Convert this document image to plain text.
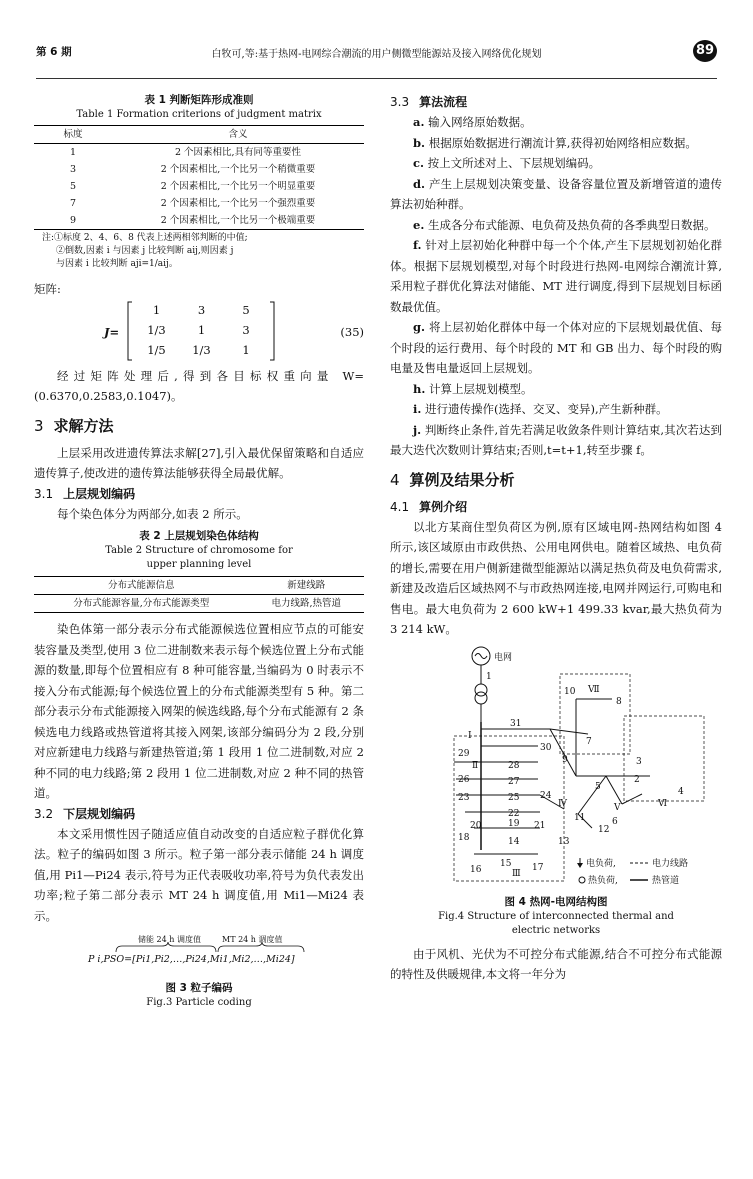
第 6 期	白牧可,等:基于热网-电网综合潮流的用户侧微型能源站及接入网络优化规划	89
表 1 判断矩阵形成准则
Table 1 Formation criterions of judgment matrix
标度	含义
1	2 个因素相比,具有同等重要性
3	2 个因素相比,一个比另一个稍微重要
5	2 个因素相比,一个比另一个明显重要
7	2 个因素相比,一个比另一个强烈重要
9	2 个因素相比,一个比另一个极端重要
注:①标度 2、4、6、8 代表上述两相邻判断的中值;
②倒数,因素 i 与因素 j 比较判断 aij,则因素 j
与因素 i 比较判断 aji=1/aij。

矩阵:

J=
1	3	5
1/3	1	3
1/5	1/3	1
(35)

经过矩阵处理后,得到各目标权重向量 W=(0.6370,0.2583,0.1047)。

3 求解方法

上层采用改进遗传算法求解[27],引入最优保留策略和自适应遗传算子,使改进的遗传算法能够获得全局最优解。

3.1 上层规划编码

每个染色体分为两部分,如表 2 所示。

表 2 上层规划染色体结构
Table 2 Structure of chromosome for upper planning level
分布式能源信息	新建线路
分布式能源容量,分布式能源类型	电力线路,热管道

染色体第一部分表示分布式能源候选位置相应节点的可能安装容量及类型,使用 3 位二进制数来表示每个候选位置上分布式能源的数量,即每个位置相应有 8 种可能容量,当编码为 0 时表示不接入分布式能源;每个候选位置上的分布式能源类型有 5 种。第二部分表示分布式能源接入网架的候选线路,每个分布式能源有 2 条候选电力线路或热管道将其接入网架,该部分编码分为 2 段,分别对应新建电力线路与新建热管道;第 1 段用 1 位二进制数,对应 2 种不同的电力线路;第 2 段用 1 位二进制数,对应 2 种不同的热管道。

3.2 下层规划编码

本文采用惯性因子随适应值自动改变的自适应粒子群优化算法。粒子的编码如图 3 所示。粒子第一部分表示储能 24 h 调度值,用 Pi1—Pi24 表示,符号为正代表吸收功率,符号为负代表发出功率;粒子第二部分表示 MT 24 h 调度值,用 Mi1—Mi24 表示。

储能 24 h 调度值	MT 24 h 调度值
P i,PSO=[Pi1,Pi2,…,Pi24,Mi1,Mi2,…,Mi24]
图 3 粒子编码
Fig.3 Particle coding
3.3 算法流程

a. 输入网络原始数据。

b. 根据原始数据进行潮流计算,获得初始网络相应数据。

c. 按上文所述对上、下层规划编码。

d. 产生上层规划决策变量、设备容量位置及新增管道的遗传算法初始种群。

e. 生成各分布式能源、电负荷及热负荷的各季典型日数据。

f. 针对上层初始化种群中每一个个体,产生下层规划初始化群体。根据下层规划模型,对每个时段进行热网-电网综合潮流计算,采用粒子群优化算法对储能、MT 进行调度,得到下层规划目标函数最优值。

g. 将上层初始化群体中每一个体对应的下层规划最优值、每个时段的运行费用、每个时段的 MT 和 GB 出力、每个时段的购电量及售电量返回上层规划。

h. 计算上层规划模型。

i. 进行遗传操作(选择、交叉、变异),产生新种群。

j. 判断终止条件,首先若满足收敛条件则计算结束,其次若达到最大迭代次数则计算结束;否则,t=t+1,转至步骤 f。

4 算例及结果分析
4.1 算例介绍

以北方某商住型负荷区为例,原有区域电网-热网结构如图 4 所示,该区域原由市政供热、公用电网供电。随着区域热、电负荷的增长,需要在用户侧新建微型能源站以满足热负荷及电负荷需求,新建及改造后区域热网不与市政热网连接,电网并网运行,可购电和售电。最大电负荷为 2 600 kW+1 499.33 kvar,最大热负荷为 3 214 kW。

电网
1
31
10 Ⅶ
8
Ⅰ
29
30
7
9
Ⅱ	28	3
26	27
25
5
2
4
Ⅵ
23
22
24
Ⅳ	Ⅴ
6
20	19 21
11
12
18	14	13
16
15 17
Ⅲ
电负荷,	电力线路
热负荷,	热管道
图 4 热网-电网结构图
Fig.4 Structure of interconnected thermal and electric networks

由于风机、光伏为不可控分布式能源,结合不可控分布式能源的特性及供暖规律,本文将一年分为
